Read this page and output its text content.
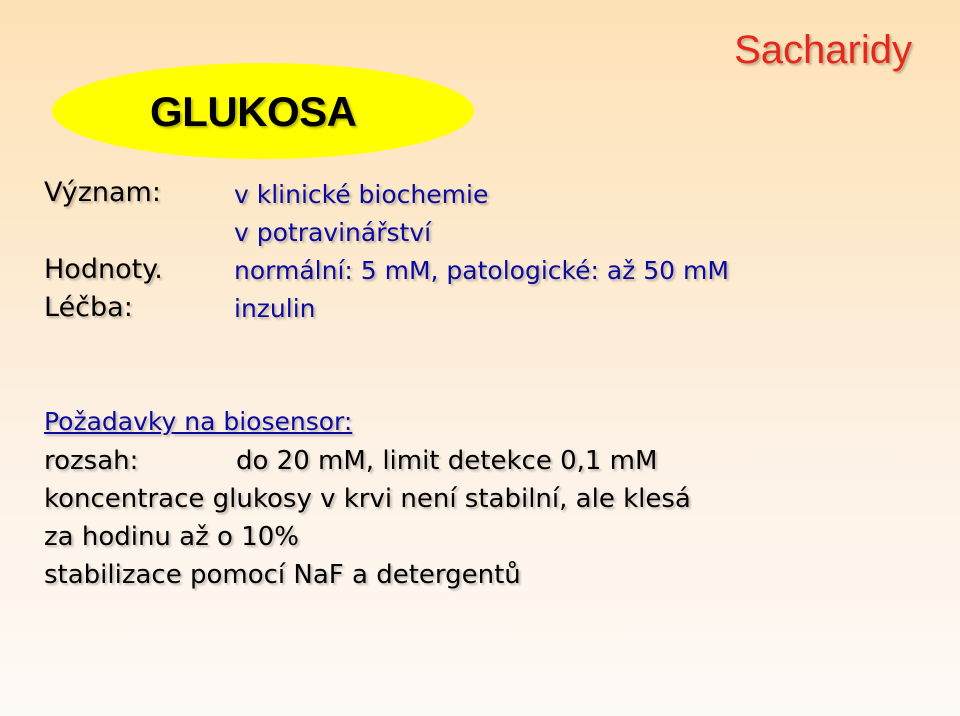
Sacharidy
GLUKOSA
Význam:	v klinické biochemie
v potravinářství
Hodnoty.	normální: 5 mM, patologické: až 50 mM
Léčba:	inzulin
Požadavky na biosensor:
rozsah:	do 20 mM, limit detekce 0,1 mM
koncentrace glukosy v krvi není stabilní, ale klesá
za hodinu až o 10%
stabilizace pomocí NaF a detergentů
